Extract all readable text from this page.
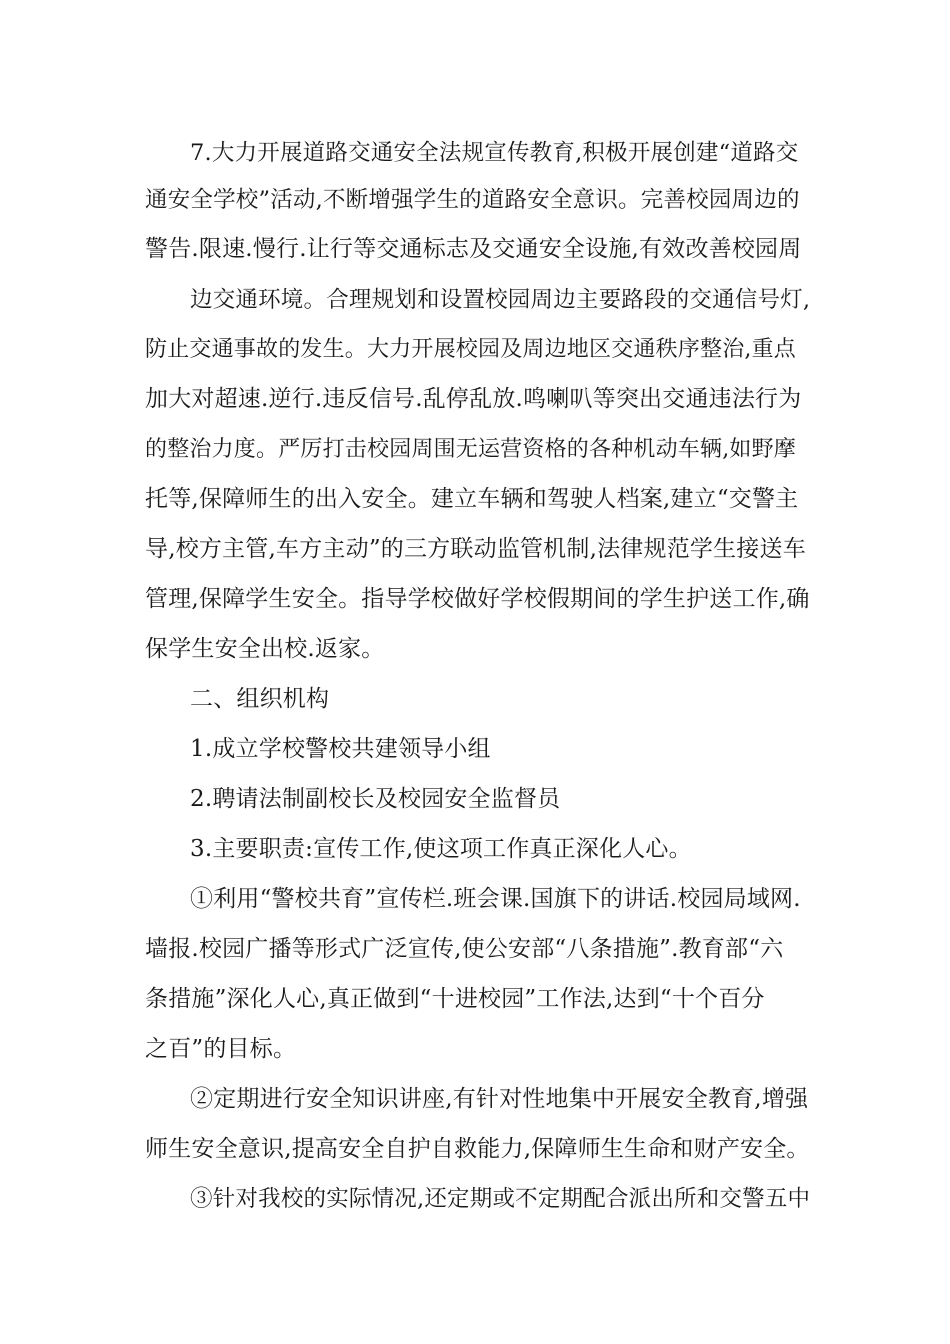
7.大力开展道路交通安全法规宣传教育,积极开展创建“道路交
通安全学校”活动,不断增强学生的道路安全意识。完善校园周边的
警告.限速.慢行.让行等交通标志及交通安全设施,有效改善校园周
边交通环境。合理规划和设置校园周边主要路段的交通信号灯,
防止交通事故的发生。大力开展校园及周边地区交通秩序整治,重点
加大对超速.逆行.违反信号.乱停乱放.鸣喇叭等突出交通违法行为
的整治力度。严厉打击校园周围无运营资格的各种机动车辆,如野摩
托等,保障师生的出入安全。建立车辆和驾驶人档案,建立“交警主
导,校方主管,车方主动”的三方联动监管机制,法律规范学生接送车
管理,保障学生安全。指导学校做好学校假期间的学生护送工作,确
保学生安全出校.返家。
二、组织机构
1.成立学校警校共建领导小组
2.聘请法制副校长及校园安全监督员
3.主要职责:宣传工作,使这项工作真正深化人心。
①利用“警校共育”宣传栏.班会课.国旗下的讲话.校园局域网.
墙报.校园广播等形式广泛宣传,使公安部“八条措施”.教育部“六
条措施”深化人心,真正做到“十进校园”工作法,达到“十个百分
之百”的目标。
②定期进行安全知识讲座,有针对性地集中开展安全教育,增强
师生安全意识,提高安全自护自救能力,保障师生生命和财产安全。
③针对我校的实际情况,还定期或不定期配合派出所和交警五中
